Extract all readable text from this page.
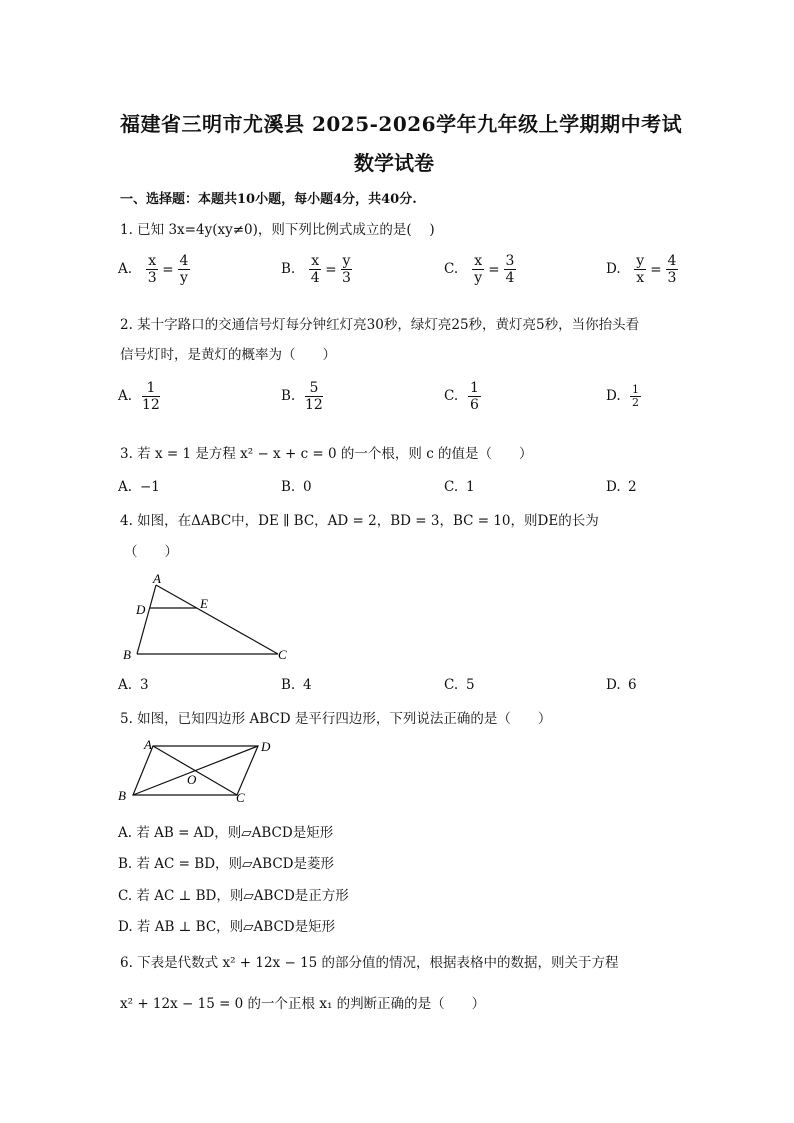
福建省三明市尤溪县 2025-2026学年九年级上学期期中考试
数学试卷
一、选择题：本题共10小题，每小题4分，共40分.
1. 已知 3x=4y(xy≠0)，则下列比例式成立的是(　 )
A. $\frac{x}{3} = \frac{4}{y}$	B. $\frac{x}{4} = \frac{y}{3}$	C. $\frac{x}{y} = \frac{3}{4}$	D. $\frac{y}{x} = \frac{4}{3}$
2. 某十字路口的交通信号灯每分钟红灯亮30秒，绿灯亮25秒，黄灯亮5秒，当你抬头看
信号灯时，是黄灯的概率为（　　）
A. $\frac{1}{12}$	B. $\frac{5}{12}$	C. $\frac{1}{6}$	D. $\frac{1}{2}$
3. 若 x = 1 是方程 x² − x + c = 0 的一个根，则 c 的值是（　　）
A. −1	B. 0	C. 1	D. 2
4. 如图，在ΔABC中，DE ∥ BC，AD = 2，BD = 3，BC = 10，则DE的长为
（　　）
A
D	E
B	C
A. 3	B. 4	C. 5	D. 6
5. 如图，已知四边形 ABCD 是平行四边形，下列说法正确的是（　　）
A	D
B	C
O
A. 若 AB = AD，则▱ABCD是矩形
B. 若 AC = BD，则▱ABCD是菱形
C. 若 AC ⊥ BD，则▱ABCD是正方形
D. 若 AB ⊥ BC，则▱ABCD是矩形
6. 下表是代数式 x² + 12x − 15 的部分值的情况，根据表格中的数据，则关于方程
x² + 12x − 15 = 0 的一个正根 x₁ 的判断正确的是（　　）
